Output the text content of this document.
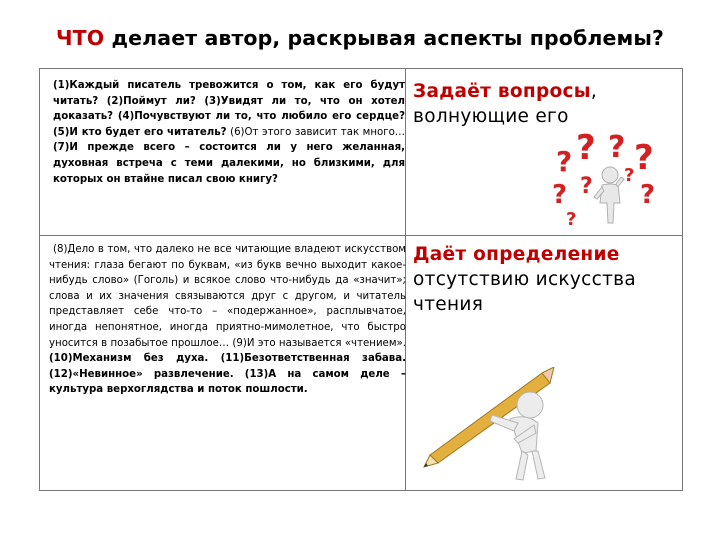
ЧТО делает автор, раскрывая аспекты проблемы?
(1)Каждый писатель тревожится о том, как его будут читать? (2)Поймут ли? (3)Увидят ли то, что он хотел доказать? (4)Почувствуют ли то, что любило его сердце? (5)И кто будет его читатель? (6)От этого зависит так много… (7)И прежде всего – состоится ли у него желанная, духовная встреча с теми далекими, но близкими, для которых он втайне писал свою книгу?
Задаёт вопросы,
волнующие его
? ? ? ?
? ? ?
?
?
(8)Дело в том, что далеко не все читающие владеют искусством чтения: глаза бегают по буквам, «из букв вечно выходит какое-нибудь слово» (Гоголь) и всякое слово что-нибудь да «значит»; слова и их значения связываются друг с другом, и читатель представляет себе что-то – «подержанное», расплывчатое, иногда непонятное, иногда приятно-мимолетное, что быстро уносится в позабытое прошлое… (9)И это называется «чтением». (10)Механизм без духа. (11)Безответственная забава. (12)«Невинное» развлечение. (13)А на самом деле – культура верхоглядства и поток пошлости.
Даёт определение
отсутствию искусства чтения
